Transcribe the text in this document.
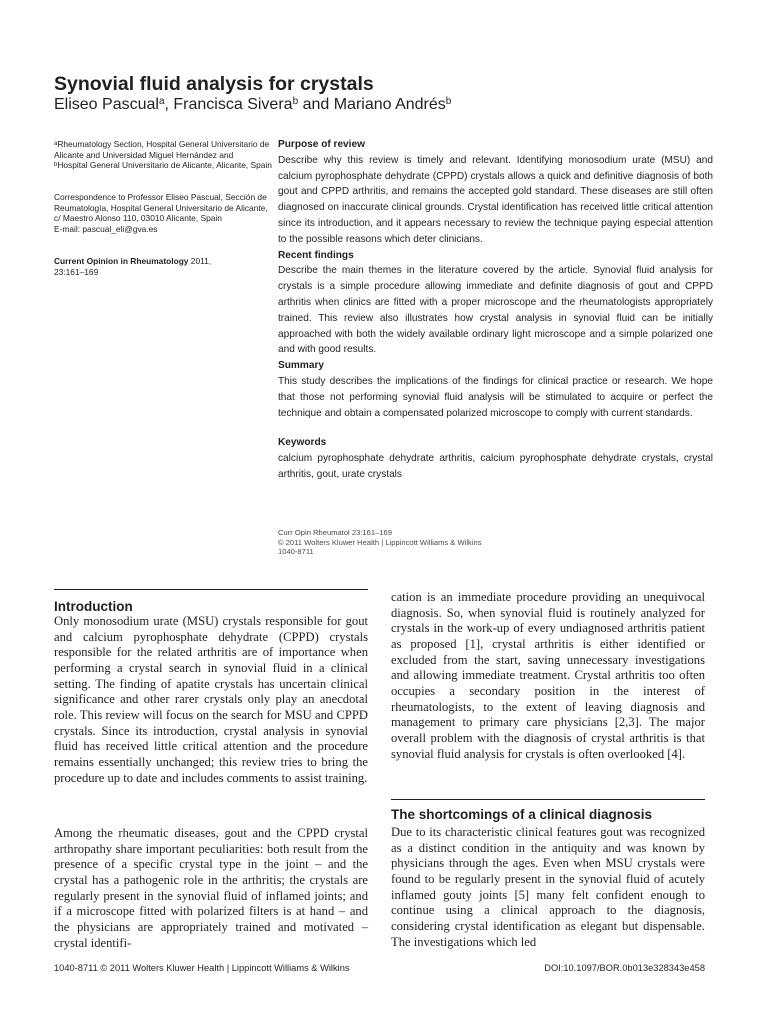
Synovial fluid analysis for crystals
Eliseo Pascual$^a$, Francisca Sivera$^b$ and Mariano Andrés$^b$
$^a$Rheumatology Section, Hospital General Universitario de Alicante and Universidad Miguel Hernández and
$^b$Hospital General Universitario de Alicante, Alicante, Spain
Correspondence to Professor Eliseo Pascual, Sección de Reumatología, Hospital General Universitario de Alicante, c/ Maestro Alonso 110, 03010 Alicante, Spain
E-mail: pascual_eli@gva.es
Current Opinion in Rheumatology 2011,
23:161–169

Purpose of review

Describe why this review is timely and relevant. Identifying monosodium urate (MSU) and calcium pyrophosphate dehydrate (CPPD) crystals allows a quick and definitive diagnosis of both gout and CPPD arthritis, and remains the accepted gold standard. These diseases are still often diagnosed on inaccurate clinical grounds. Crystal identification has received little critical attention since its introduction, and it appears necessary to review the technique paying especial attention to the possible reasons which deter clinicians.

Recent findings

Describe the main themes in the literature covered by the article. Synovial fluid analysis for crystals is a simple procedure allowing immediate and definite diagnosis of gout and CPPD arthritis when clinics are fitted with a proper microscope and the rheumatologists appropriately trained. This review also illustrates how crystal analysis in synovial fluid can be initially approached with both the widely available ordinary light microscope and a simple polarized one and with good results.

Summary

This study describes the implications of the findings for clinical practice or research. We hope that those not performing synovial fluid analysis will be stimulated to acquire or perfect the technique and obtain a compensated polarized microscope to comply with current standards.

Keywords

calcium pyrophosphate dehydrate arthritis, calcium pyrophosphate dehydrate crystals, crystal arthritis, gout, urate crystals

Curr Opin Rheumatol 23:161–169
© 2011 Wolters Kluwer Health | Lippincott Williams & Wilkins
1040-8711
Introduction

Only monosodium urate (MSU) crystals responsible for gout and calcium pyrophosphate dehydrate (CPPD) crystals responsible for the related arthritis are of importance when performing a crystal search in synovial fluid in a clinical setting. The finding of apatite crystals has uncertain clinical significance and other rarer crystals only play an anecdotal role. This review will focus on the search for MSU and CPPD crystals. Since its introduction, crystal analysis in synovial fluid has received little critical attention and the procedure remains essentially unchanged; this review tries to bring the procedure up to date and includes comments to assist training.

Among the rheumatic diseases, gout and the CPPD crystal arthropathy share important peculiarities: both result from the presence of a specific crystal type in the joint – and the crystal has a pathogenic role in the arthritis; the crystals are regularly present in the synovial fluid of inflamed joints; and if a microscope fitted with polarized filters is at hand – and the physicians are appropriately trained and motivated – crystal identifi-

cation is an immediate procedure providing an unequivocal diagnosis. So, when synovial fluid is routinely analyzed for crystals in the work-up of every undiagnosed arthritis patient as proposed [1], crystal arthritis is either identified or excluded from the start, saving unnecessary investigations and allowing immediate treatment. Crystal arthritis too often occupies a secondary position in the interest of rheumatologists, to the extent of leaving diagnosis and management to primary care physicians [2,3]. The major overall problem with the diagnosis of crystal arthritis is that synovial fluid analysis for crystals is often overlooked [4].

The shortcomings of a clinical diagnosis

Due to its characteristic clinical features gout was recognized as a distinct condition in the antiquity and was known by physicians through the ages. Even when MSU crystals were found to be regularly present in the synovial fluid of acutely inflamed gouty joints [5] many felt confident enough to continue using a clinical approach to the diagnosis, considering crystal identification as elegant but dispensable. The investigations which led

1040-8711 © 2011 Wolters Kluwer Health | Lippincott Williams & Wilkins	DOI:10.1097/BOR.0b013e328343e458
